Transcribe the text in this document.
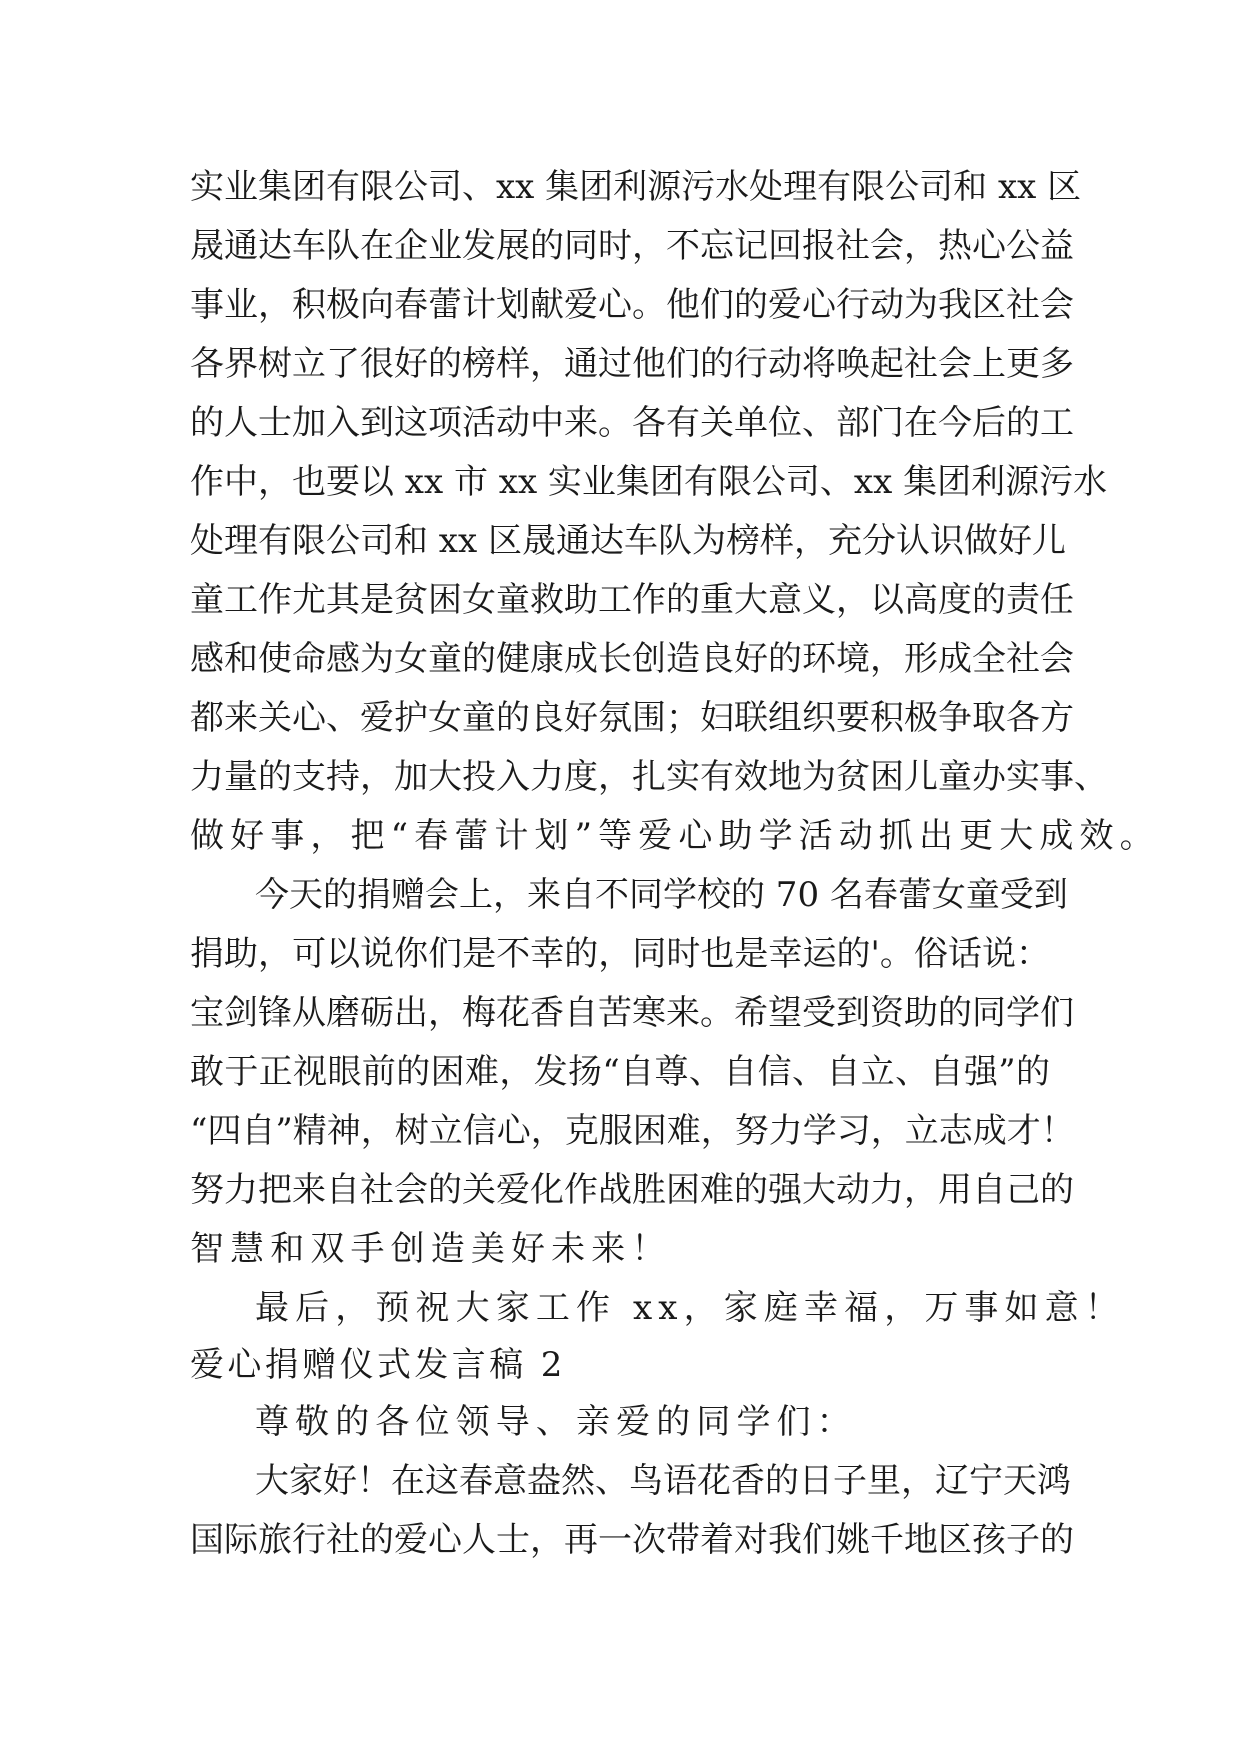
实业集团有限公司、xx 集团利源污水处理有限公司和 xx 区
晟通达车队在企业发展的同时，不忘记回报社会，热心公益
事业，积极向春蕾计划献爱心。他们的爱心行动为我区社会
各界树立了很好的榜样，通过他们的行动将唤起社会上更多
的人士加入到这项活动中来。各有关单位、部门在今后的工
作中，也要以 xx 市 xx 实业集团有限公司、xx 集团利源污水
处理有限公司和 xx 区晟通达车队为榜样，充分认识做好儿
童工作尤其是贫困女童救助工作的重大意义，以高度的责任
感和使命感为女童的健康成长创造良好的环境，形成全社会
都来关心、爱护女童的良好氛围；妇联组织要积极争取各方
力量的支持，加大投入力度，扎实有效地为贫困儿童办实事、
做好事，把“春蕾计划”等爱心助学活动抓出更大成效。
今天的捐赠会上，来自不同学校的 70 名春蕾女童受到
捐助，可以说你们是不幸的，同时也是幸运的'。俗话说：
宝剑锋从磨砺出，梅花香自苦寒来。希望受到资助的同学们
敢于正视眼前的困难，发扬“自尊、自信、自立、自强”的
“四自”精神，树立信心，克服困难，努力学习，立志成才！
努力把来自社会的关爱化作战胜困难的强大动力，用自己的
智慧和双手创造美好未来！
最后，预祝大家工作 xx，家庭幸福，万事如意！
爱心捐赠仪式发言稿 2
尊敬的各位领导、亲爱的同学们：
大家好！在这春意盎然、鸟语花香的日子里，辽宁天鸿
国际旅行社的爱心人士，再一次带着对我们姚千地区孩子的
